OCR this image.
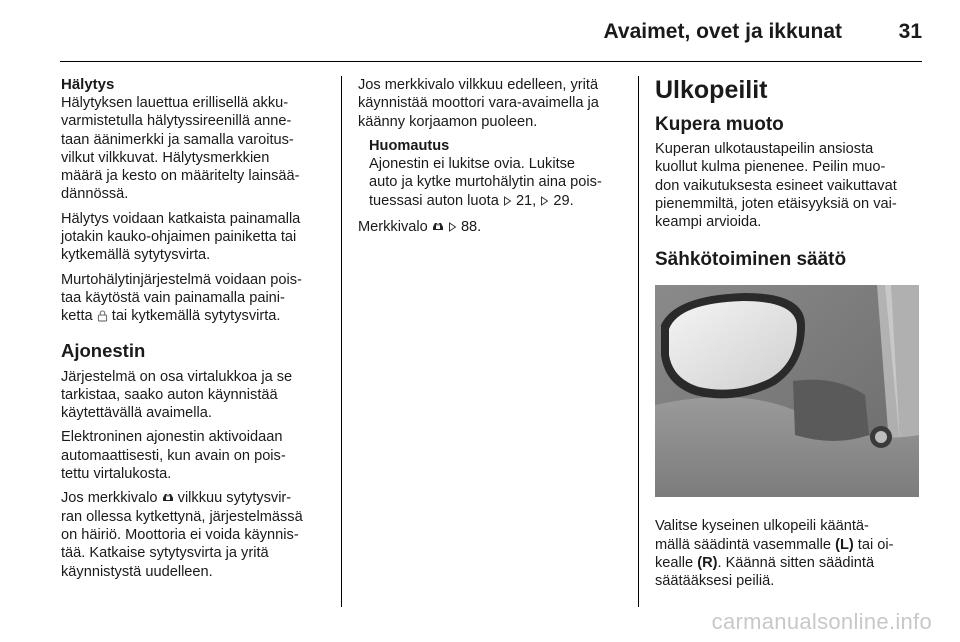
Avaimet, ovet ja ikkunat	31
Hälytys

Hälytyksen lauettua erillisellä akku-
varmistetulla hälytyssireenillä anne-
taan äänimerkki ja samalla varoitus-
vilkut vilkkuvat. Hälytysmerkkien
määrä ja kesto on määritelty lainsää-
dännössä.

Hälytys voidaan katkaista painamalla
jotakin kauko-ohjaimen painiketta tai
kytkemällä sytytysvirta.

Murtohälytinjärjestelmä voidaan pois-
taa käytöstä vain painamalla paini-
ketta tai kytkemällä sytytysvirta.

Ajonestin

Järjestelmä on osa virtalukkoa ja se
tarkistaa, saako auton käynnistää
käytettävällä avaimella.

Elektroninen ajonestin aktivoidaan
automaattisesti, kun avain on pois-
tettu virtalukosta.

Jos merkkivalo vilkkuu sytytysvir-
ran ollessa kytkettynä, järjestelmässä
on häiriö. Moottoria ei voida käynnis-
tää. Katkaise sytytysvirta ja yritä
käynnistystä uudelleen.

Jos merkkivalo vilkkuu edelleen, yritä
käynnistää moottori vara-avaimella ja
käänny korjaamon puoleen.

Huomautus
Ajonestin ei lukitse ovia. Lukitse
auto ja kytke murtohälytin aina pois-
tuessasi auton luota 21, 29.

Merkkivalo 88.

Ulkopeilit
Kupera muoto

Kuperan ulkotaustapeilin ansiosta
kuollut kulma pienenee. Peilin muo-
don vaikutuksesta esineet vaikuttavat
pienemmiltä, joten etäisyyksiä on vai-
keampi arvioida.

Sähkötoiminen säätö

Valitse kyseinen ulkopeili kääntä-
mällä säädintä vasemmalle (L) tai oi-
kealle (R). Käännä sitten säädintä
säätääksesi peiliä.

carmanualsonline.info
